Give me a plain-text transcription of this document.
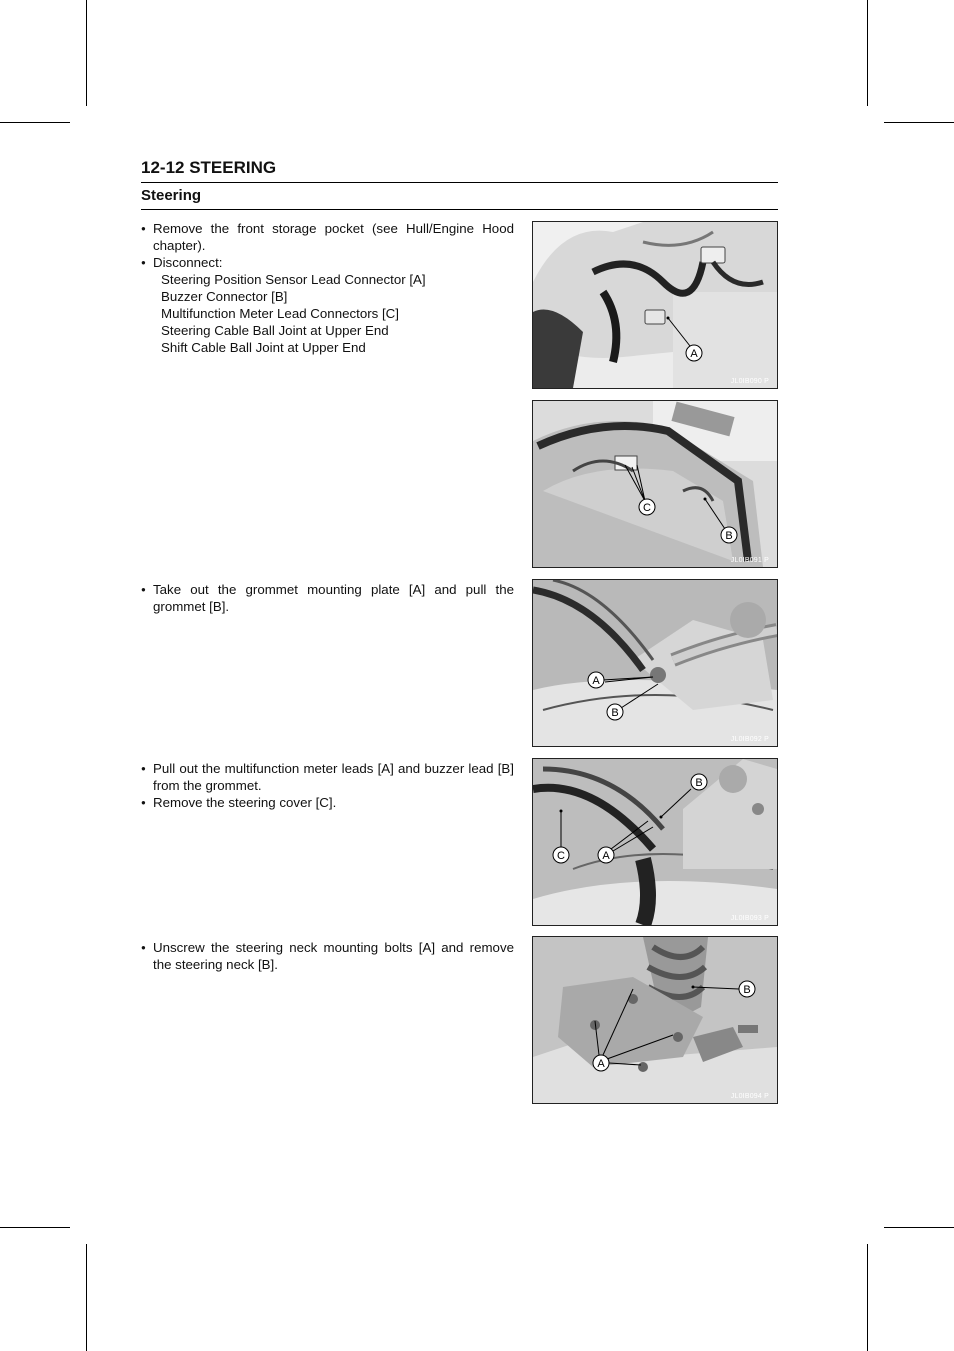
12-12 STEERING
Steering
● Remove the front storage pocket (see Hull/Engine Hood chapter).
● Disconnect:
Steering Position Sensor Lead Connector [A]
Buzzer Connector [B]
Multifunction Meter Lead Connectors [C]
Steering Cable Ball Joint at Upper End
Shift Cable Ball Joint at Upper End
● Take out the grommet mounting plate [A] and pull the grommet [B].
● Pull out the multifunction meter leads [A] and buzzer lead [B] from the grommet.
● Remove the steering cover [C].
● Unscrew the steering neck mounting bolts [A] and remove the steering neck [B].
A
JL0IB090 P
C
B
JL0IB091 P
A
B
JL0IB092 P
B
C	A
JL0IB093 P
B
A
JL0IB094 P
